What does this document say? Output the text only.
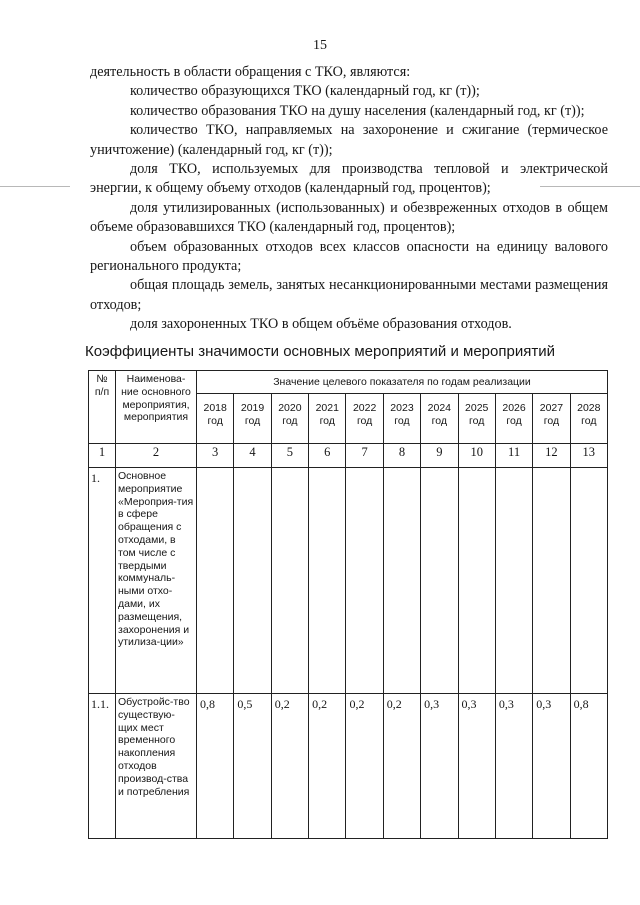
15

деятельность в области обращения с ТКО, являются:

количество образующихся ТКО (календарный год, кг (т));

количество образования ТКО на душу населения (календарный год, кг (т));

количество ТКО, направляемых на захоронение и сжигание (термическое уничтожение) (календарный год, кг (т));

доля ТКО, используемых для производства тепловой и электрической энергии, к общему объему отходов (календарный год, процентов);

доля утилизированных (использованных) и обезвреженных отходов в общем объеме образовавшихся ТКО (календарный год, процентов);

объем образованных отходов всех классов опасности на единицу валового регионального продукта;

общая площадь земель, занятых несанкционированными местами размещения отходов;

доля захороненных ТКО в общем объёме образования отходов.

Коэффициенты значимости основных мероприятий и мероприятий
№ п/п	Наименова-ние основного мероприятия, мероприятия	Значение целевого показателя по годам реализации										
		2018 год	2019 год	2020 год	2021 год	2022 год	2023 год	2024 год	2025 год	2026 год	2027 год	2028 год
1	2	3	4	5	6	7	8	9	10	11	12	13
1.	Основное мероприятие «Мероприя-тия в сфере обращения с отходами, в том числе с твердыми коммуналь-ными отхо-дами, их размещения, захоронения и утилиза-ции»											
1.1.	Обустройс-тво существую-щих мест временного накопления отходов производ-ства и потребления	0,8	0,5	0,2	0,2	0,2	0,2	0,3	0,3	0,3	0,3	0,8
